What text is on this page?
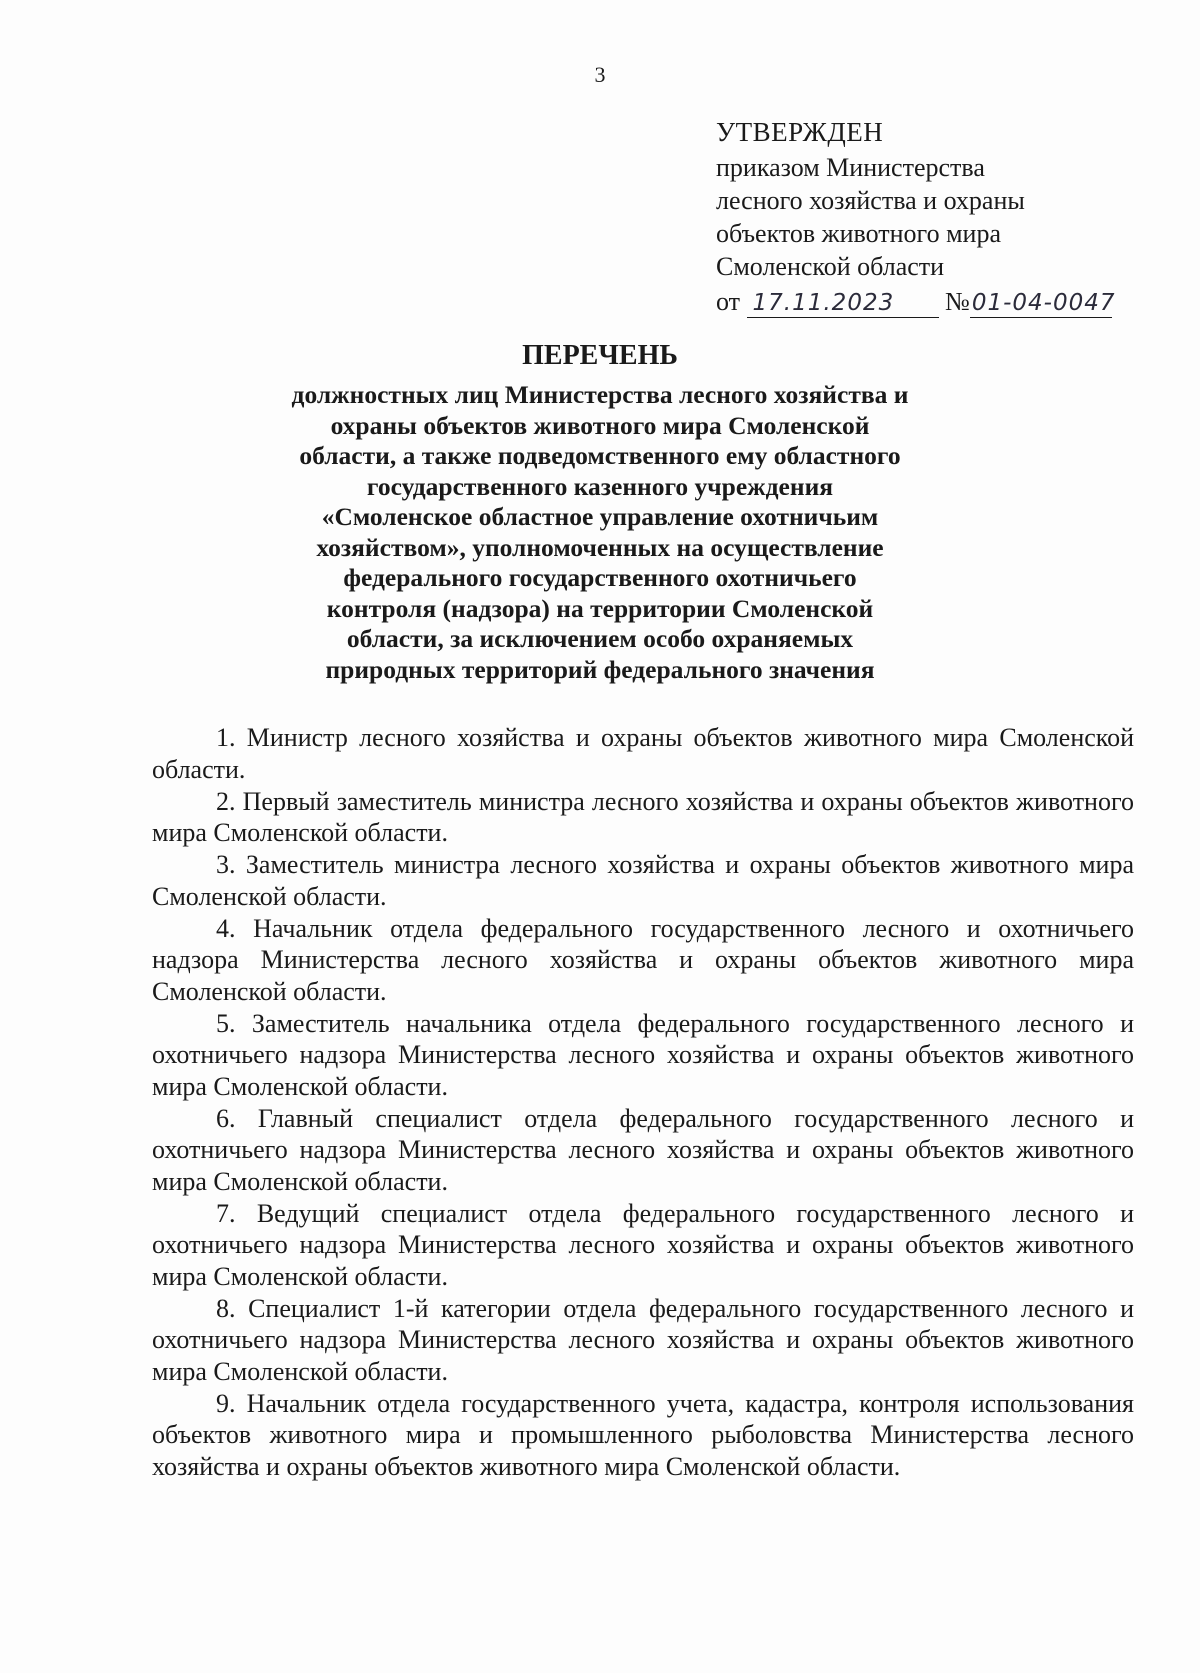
3
УТВЕРЖДЕН
приказом Министерства
лесного хозяйства и охраны
объектов животного мира
Смоленской области
от 17.11.2023 №01-04-0047
ПЕРЕЧЕНЬ
должностных лиц Министерства лесного хозяйства и
охраны объектов животного мира Смоленской
области, а также подведомственного ему областного
государственного казенного учреждения
«Смоленское областное управление охотничьим
хозяйством», уполномоченных на осуществление
федерального государственного охотничьего
контроля (надзора) на территории Смоленской
области, за исключением особо охраняемых
природных территорий федерального значения

1. Министр лесного хозяйства и охраны объектов животного мира Смоленской области.

2. Первый заместитель министра лесного хозяйства и охраны объектов животного мира Смоленской области.

3. Заместитель министра лесного хозяйства и охраны объектов животного мира Смоленской области.

4. Начальник отдела федерального государственного лесного и охотничьего надзора Министерства лесного хозяйства и охраны объектов животного мира Смоленской области.

5. Заместитель начальника отдела федерального государственного лесного и охотничьего надзора Министерства лесного хозяйства и охраны объектов животного мира Смоленской области.

6. Главный специалист отдела федерального государственного лесного и охотничьего надзора Министерства лесного хозяйства и охраны объектов животного мира Смоленской области.

7. Ведущий специалист отдела федерального государственного лесного и охотничьего надзора Министерства лесного хозяйства и охраны объектов животного мира Смоленской области.

8. Специалист 1-й категории отдела федерального государственного лесного и охотничьего надзора Министерства лесного хозяйства и охраны объектов животного мира Смоленской области.

9. Начальник отдела государственного учета, кадастра, контроля использования объектов животного мира и промышленного рыболовства Министерства лесного хозяйства и охраны объектов животного мира Смоленской области.
